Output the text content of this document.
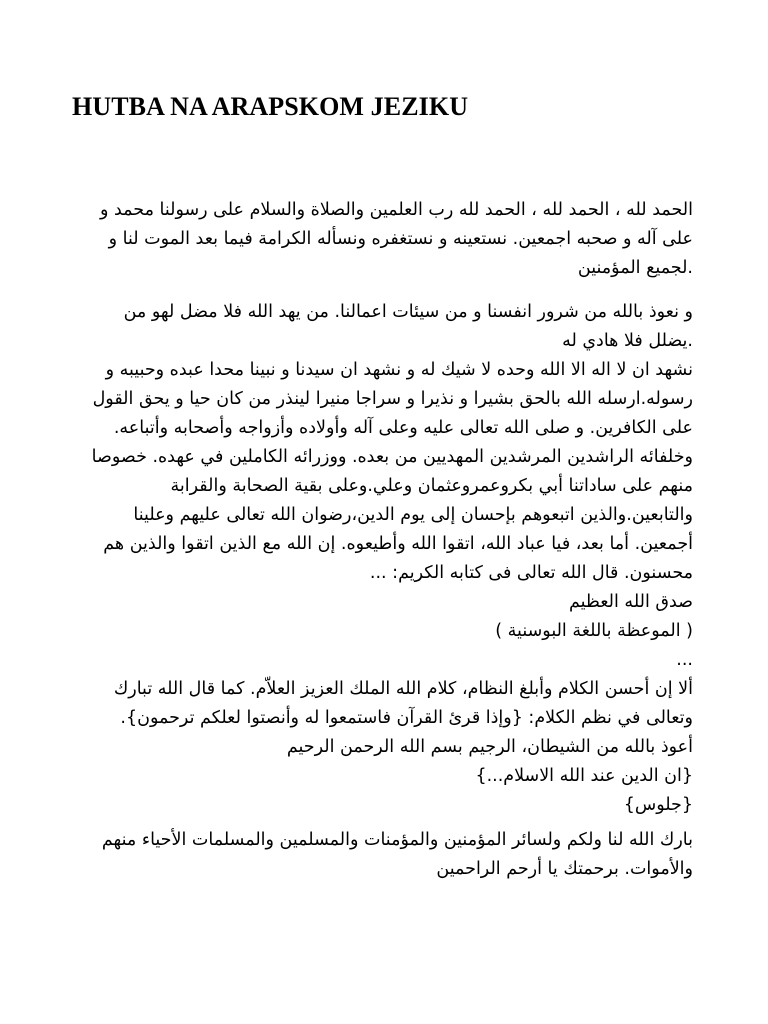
HUTBA NA ARAPSKOM JEZIKU
الحمد لله ، الحمد لله ، الحمد لله رب العلمين والصلاة والسلام على رسولنا محمد و
على آله و صحبه اجمعين. نستعينه و نستغفره ونسأله الكرامة فيما بعد الموت لنا و
.لجميع المؤمنين
و نعوذ بالله من شرور انفسنا و من سيئات اعمالنا. من يهد الله فلا مضل لهو من
.يضلل فلا هادي له
نشهد ان لا اله الا الله وحده لا شيك له و نشهد ان سيدنا و نبينا محدا عبده وحبيبه و
رسوله.ارسله الله بالحق بشيرا و نذيرا و سراجا منيرا لينذر من كان حيا و يحق القول
على الكافرين. و صلى الله تعالى عليه وعلى آله وأولاده وأزواجه وأصحابه وأتباعه.
وخلفائه الراشدين المرشدين المهديين من بعده. ووزرائه الكاملين في عهده. خصوصا
منهم على ساداتنا أبي بكروعمروعثمان وعلي.وعلى بقية الصحابة والقرابة
والتابعين.والذين اتبعوهم بإحسان إلى يوم الدين،رضوان الله تعالى عليهم وعلينا
أجمعين. أما بعد، فيا عباد الله، اتقوا الله وأطيعوه. إن الله مع الذين اتقوا والذين هم
محسنون. قال الله تعالى فى كتابه الكريم: ...
صدق الله العظيم
( الموعظة باللغة البوسنية )
...
ألا إن أحسن الكلام وأبلغ النظام، كلام الله الملك العزيز العلاّم. كما قال الله تبارك
وتعالى في نظم الكلام: {وإذا قرئ القرآن فاستمعوا له وأنصتوا لعلكم ترحمون}.
أعوذ بالله من الشيطان، الرجيم بسم الله الرحمن الرحيم
{ان الدين عند الله الاسلام...}
{جلوس}
بارك الله لنا ولكم ولسائر المؤمنين والمؤمنات والمسلمين والمسلمات الأحياء منهم
والأموات. برحمتك يا أرحم الراحمين
